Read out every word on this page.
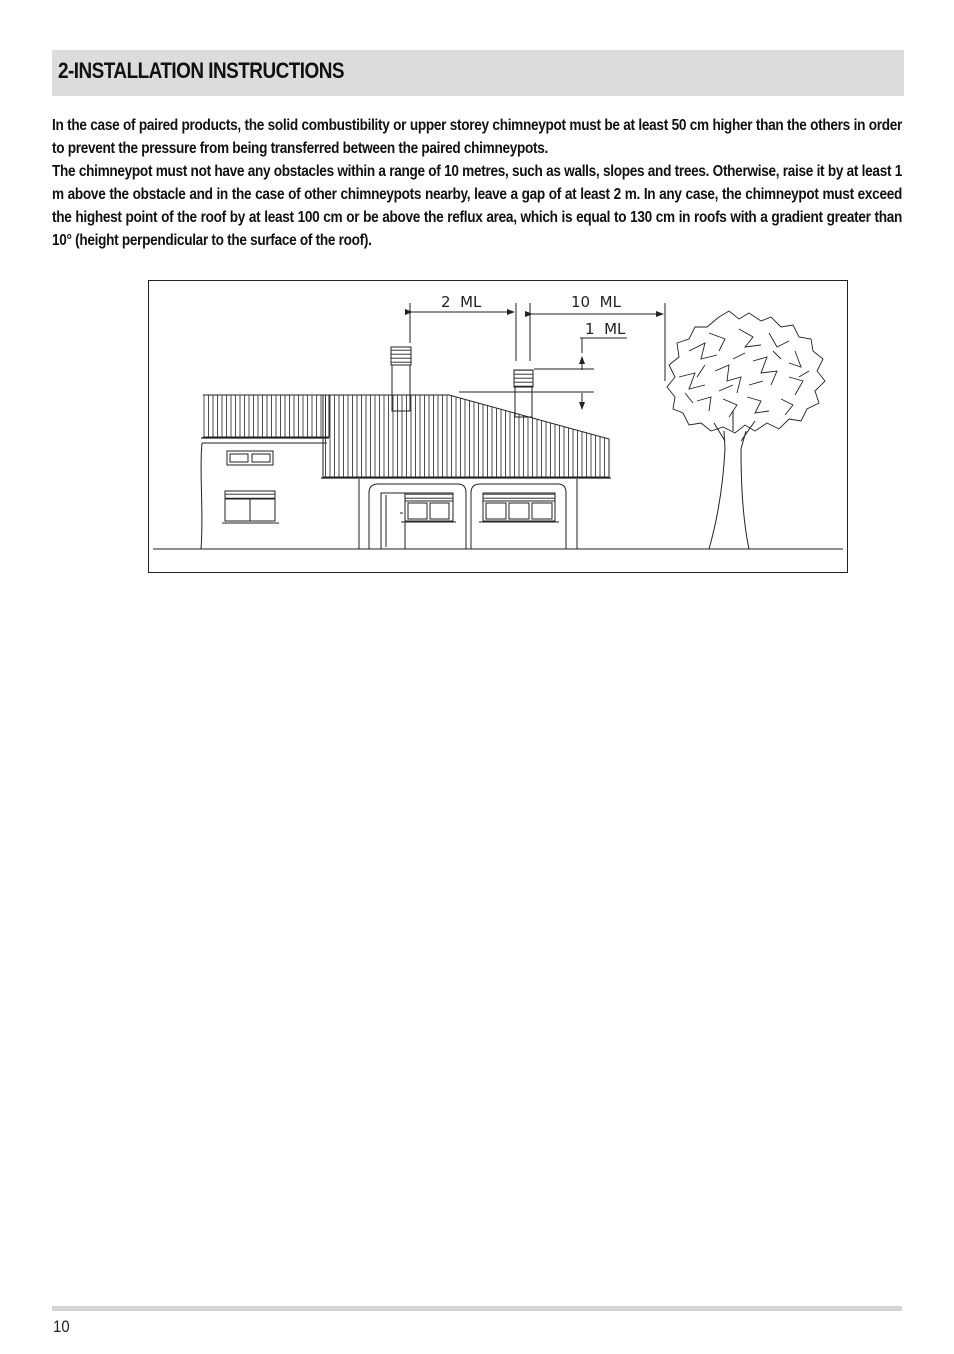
2-INSTALLATION INSTRUCTIONS

In the case of paired products, the solid combustibility or upper storey chimneypot must be at least 50 cm higher than the others in order to prevent the pressure from being transferred between the paired chimneypots.

The chimneypot must not have any obstacles within a range of 10 metres, such as walls, slopes and trees. Otherwise, raise it by at least 1 m above the obstacle and in the case of other chimneypots nearby, leave a gap of at least 2 m. In any case, the chimneypot must exceed the highest point of the roof by at least 100 cm or be above the reflux area, which is equal to 130 cm in roofs with a gradient greater than 10° (height perpendicular to the surface of the roof).

2  ML	10  ML
1  ML
10
